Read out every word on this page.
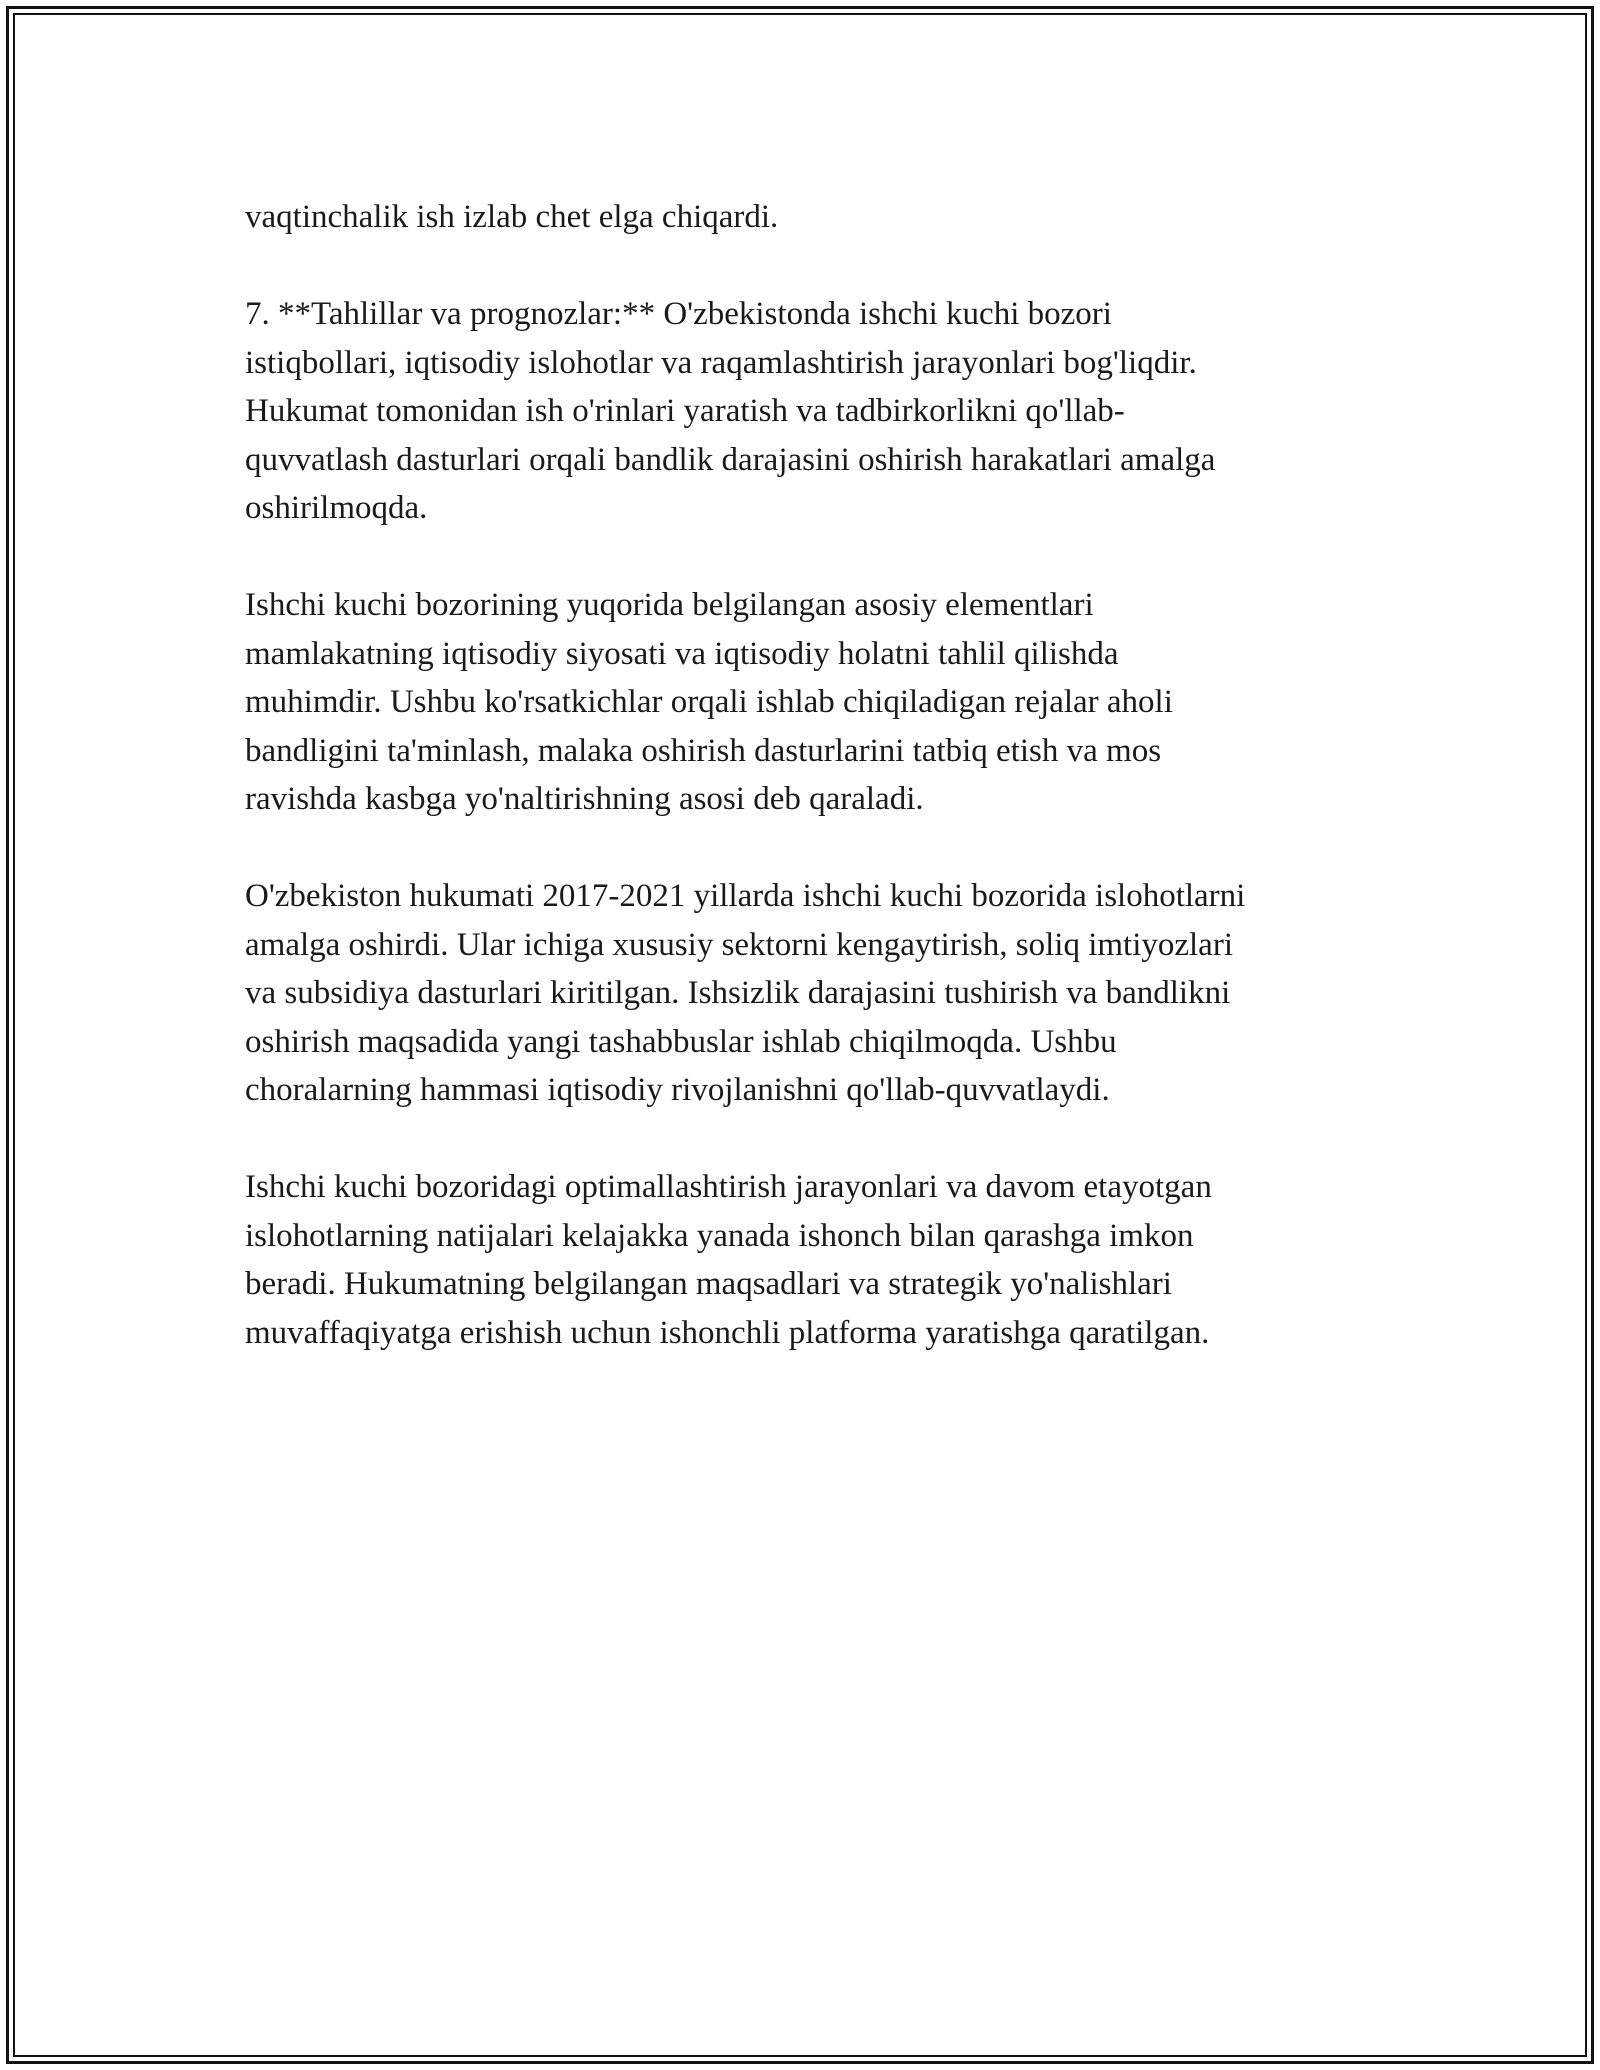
vaqtinchalik ish izlab chet elga chiqardi.

7. **Tahlillar va prognozlar:** O'zbekistonda ishchi kuchi bozori
istiqbollari, iqtisodiy islohotlar va raqamlashtirish jarayonlari bog'liqdir.
Hukumat tomonidan ish o'rinlari yaratish va tadbirkorlikni qo'llab-
quvvatlash dasturlari orqali bandlik darajasini oshirish harakatlari amalga
oshirilmoqda.

Ishchi kuchi bozorining yuqorida belgilangan asosiy elementlari
mamlakatning iqtisodiy siyosati va iqtisodiy holatni tahlil qilishda
muhimdir. Ushbu ko'rsatkichlar orqali ishlab chiqiladigan rejalar aholi
bandligini ta'minlash, malaka oshirish dasturlarini tatbiq etish va mos
ravishda kasbga yo'naltirishning asosi deb qaraladi.

O'zbekiston hukumati 2017-2021 yillarda ishchi kuchi bozorida islohotlarni
amalga oshirdi. Ular ichiga xususiy sektorni kengaytirish, soliq imtiyozlari
va subsidiya dasturlari kiritilgan. Ishsizlik darajasini tushirish va bandlikni
oshirish maqsadida yangi tashabbuslar ishlab chiqilmoqda. Ushbu
choralarning hammasi iqtisodiy rivojlanishni qo'llab-quvvatlaydi.

Ishchi kuchi bozoridagi optimallashtirish jarayonlari va davom etayotgan
islohotlarning natijalari kelajakka yanada ishonch bilan qarashga imkon
beradi. Hukumatning belgilangan maqsadlari va strategik yo'nalishlari
muvaffaqiyatga erishish uchun ishonchli platforma yaratishga qaratilgan.
